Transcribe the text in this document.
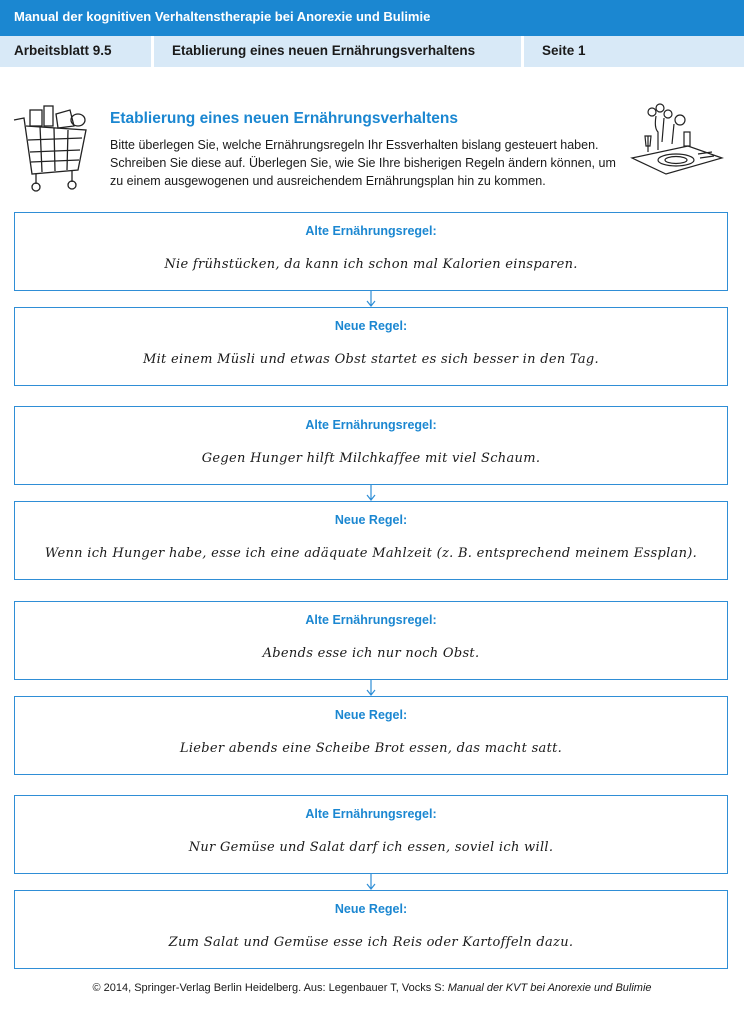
Manual der kognitiven Verhaltenstherapie bei Anorexie und Bulimie
Arbeitsblatt 9.5	Etablierung eines neuen Ernährungsverhaltens	Seite 1
Etablierung eines neuen Ernährungsverhaltens

Bitte überlegen Sie, welche Ernährungsregeln Ihr Essverhalten bislang gesteuert haben. Schreiben Sie diese auf. Überlegen Sie, wie Sie Ihre bisherigen Regeln ändern können, um zu einem ausgewogenen und ausreichendem Ernährungsplan hin zu kommen.

Alte Ernährungsregel:
Nie frühstücken, da kann ich schon mal Kalorien einsparen.
Neue Regel:
Mit einem Müsli und etwas Obst startet es sich besser in den Tag.
Alte Ernährungsregel:
Gegen Hunger hilft Milchkaffee mit viel Schaum.
Neue Regel:
Wenn ich Hunger habe, esse ich eine adäquate Mahlzeit (z. B. entsprechend meinem Essplan).
Alte Ernährungsregel:
Abends esse ich nur noch Obst.
Neue Regel:
Lieber abends eine Scheibe Brot essen, das macht satt.
Alte Ernährungsregel:
Nur Gemüse und Salat darf ich essen, soviel ich will.
Neue Regel:
Zum Salat und Gemüse esse ich Reis oder Kartoffeln dazu.
© 2014, Springer-Verlag Berlin Heidelberg. Aus: Legenbauer T, Vocks S: Manual der KVT bei Anorexie und Bulimie
